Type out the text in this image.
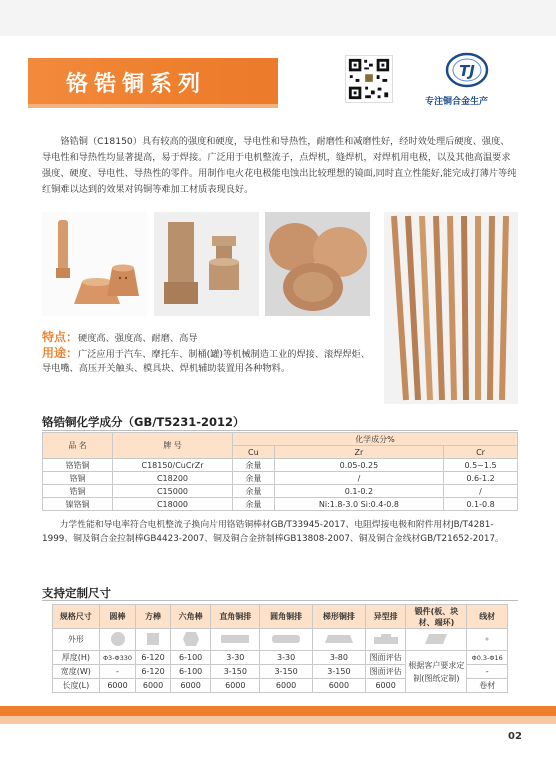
铬锆铜系列
TJ
专注铜合金生产

铬锆铜（C18150）具有较高的强度和硬度，导电性和导热性，耐磨性和减磨性好，经时效处理后硬度、强度、导电性和导热性均显著提高，易于焊接。广泛用于电机整流子，点焊机，缝焊机，对焊机用电极，以及其他高温要求强度、硬度、导电性、导热性的零件。用制作电火花电极能电蚀出比较理想的镜面,同时直立性能好,能完成打薄片等纯红铜难以达到的效果对钨铜等难加工材质表现良好。

特点：硬度高、强度高、耐磨、高导
用途：广泛应用于汽车、摩托车、制桶(罐)等机械制造工业的焊接、滚焊焊炬、导电嘴、高压开关触头、模具块、焊机辅助装置用各种物料。
铬锆铜化学成分（GB/T5231-2012）
品 名	牌 号	化学成分%		
		Cu	Zr	Cr
铬锆铜	C18150/CuCrZr	余量	0.05-0.25	0.5~1.5
铬铜	C18200	余量	/	0.6-1.2
锆铜	C15000	余量	0.1-0.2	/
镍铬铜	C18000	余量	Ni:1.8-3.0 Si:0.4-0.8	0.1-0.8

力学性能和导电率符合电机整流子换向片用铬锆铜棒材GB/T33945-2017、电阻焊接电极和附件用材JB/T4281-1999、铜及铜合金拉制棒GB4423-2007、铜及铜合金挤制棒GB13808-2007、铜及铜合金线材GB/T21652-2017。

支持定制尺寸
规格尺寸	圆棒	方棒	六角棒	直角铜排	圆角铜排	梯形铜排	异型排	锻件(板、块材、端环)	线材
外形									
厚度(H)	Φ3-Φ330	6-120	6-100	3-30	3-30	3-80	图面评估	根据客户要求定制(图纸定制)	Φ0.3-Φ16
宽度(W)	-	6-120	6-100	3-150	3-150	3-150	图面评估		-
长度(L)	6000	6000	6000	6000	6000	6000	6000		卷材
02
